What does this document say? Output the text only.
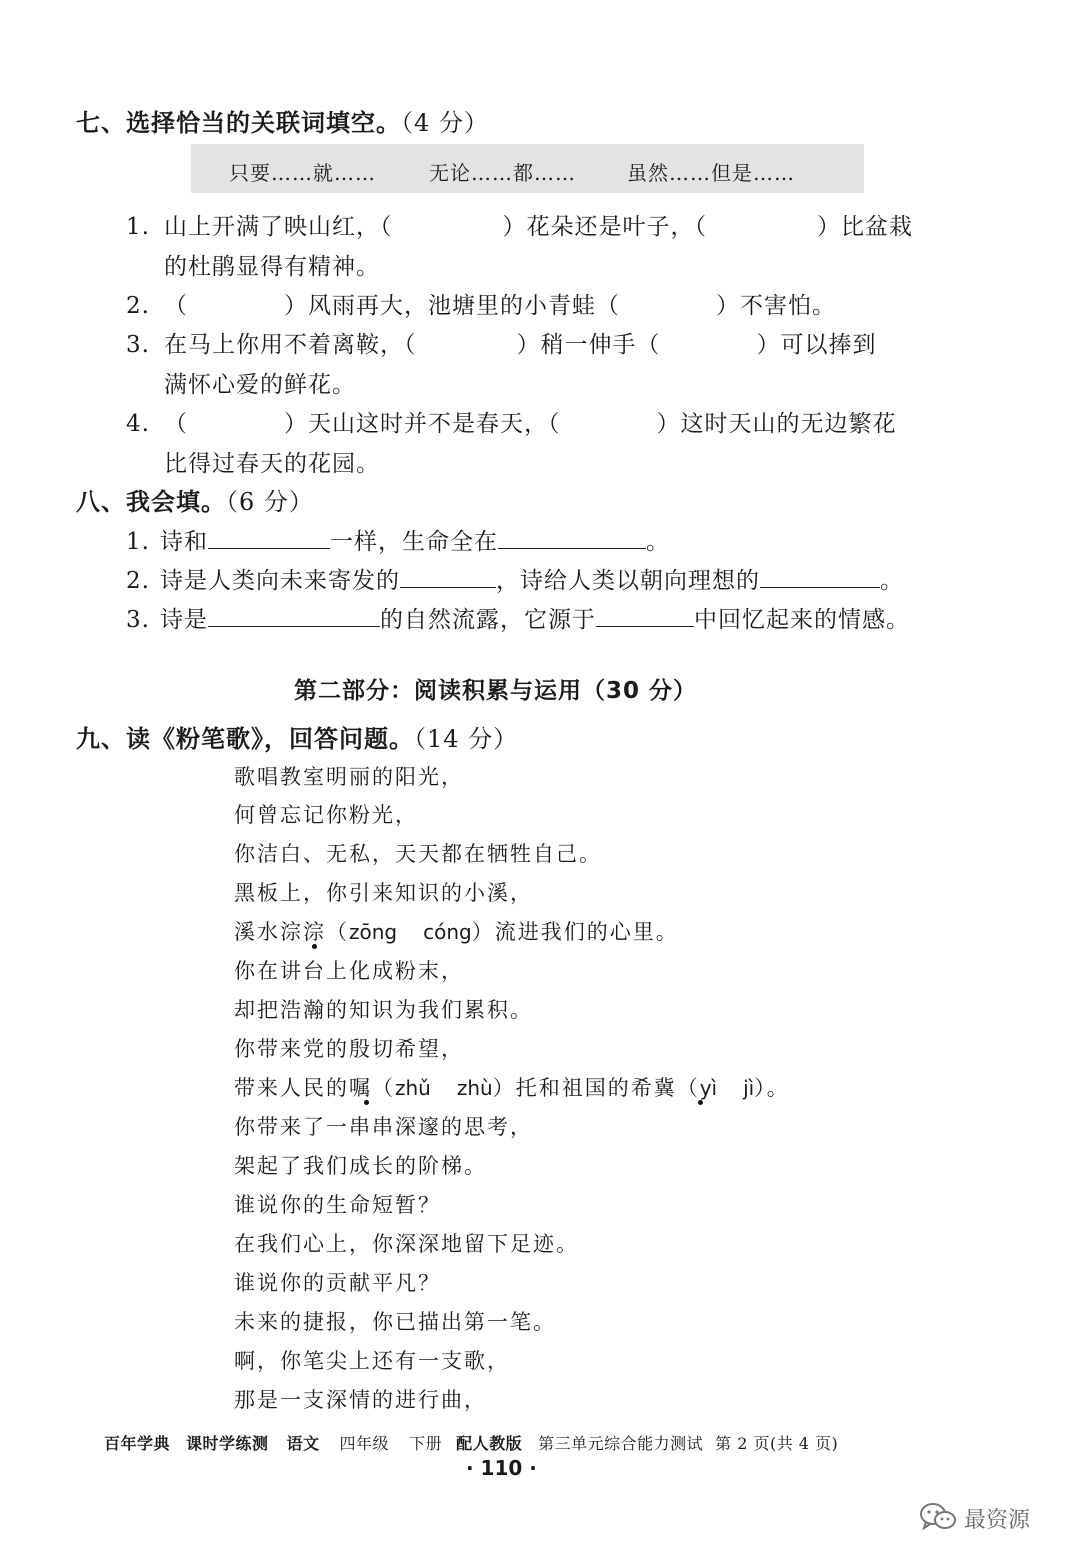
七、选择恰当的关联词填空。（4 分）
只要……就……	无论……都……	虽然……但是……
1. 山上开满了映山红，（	）花朵还是叶子，（	）比盆栽
的杜鹃显得有精神。
2. （	）风雨再大，池塘里的小青蛙（	）不害怕。
3. 在马上你用不着离鞍，（	）稍一伸手（	）可以捧到
满怀心爱的鲜花。
4. （	）天山这时并不是春天，（	）这时天山的无边繁花
比得过春天的花园。
八、我会填。（6 分）
1. 诗和	一样，生命全在	。
2. 诗是人类向未来寄发的	，诗给人类以朝向理想的	。
3. 诗是	的自然流露，它源于	中回忆起来的情感。
第二部分：阅读积累与运用（30 分）
九、读《粉笔歌》，回答问题。（14 分）
歌唱教室明丽的阳光，
何曾忘记你粉光，
你洁白、无私，天天都在牺牲自己。
黑板上，你引来知识的小溪，
溪水淙淙（zōng cóng）流进我们的心里。
你在讲台上化成粉末，
却把浩瀚的知识为我们累积。
你带来党的殷切希望，
带来人民的嘱（zhǔ zhù）托和祖国的希冀（yì jì）。
你带来了一串串深邃的思考，
架起了我们成长的阶梯。
谁说你的生命短暂？
在我们心上，你深深地留下足迹。
谁说你的贡献平凡？
未来的捷报，你已描出第一笔。
啊，你笔尖上还有一支歌，
那是一支深情的进行曲，
百年学典 课时学练测 语文 四年级 下册 配人教版 第三单元综合能力测试 第 2 页(共 4 页)
· 110 ·
最资源
